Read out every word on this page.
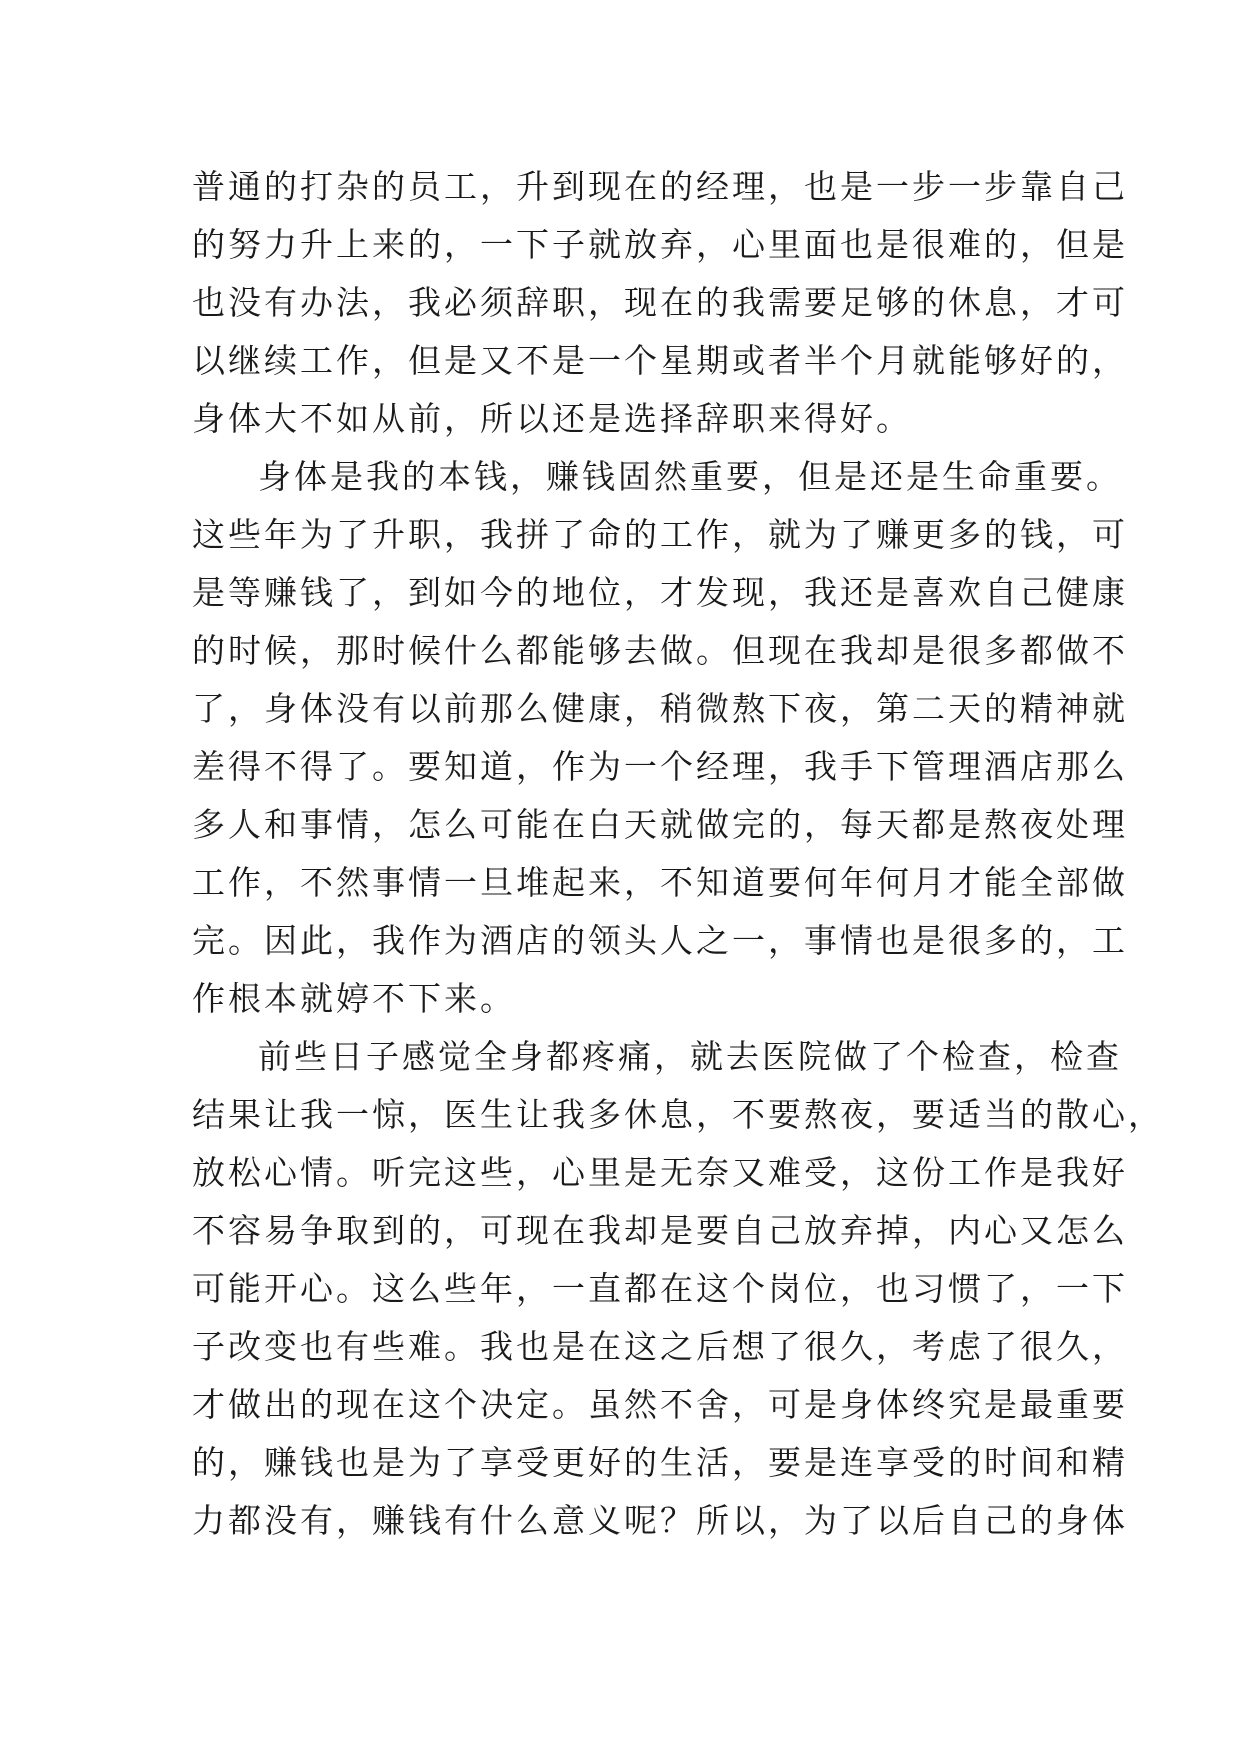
普通的打杂的员工，升到现在的经理，也是一步一步靠自己
的努力升上来的，一下子就放弃，心里面也是很难的，但是
也没有办法，我必须辞职，现在的我需要足够的休息，才可
以继续工作，但是又不是一个星期或者半个月就能够好的，
身体大不如从前，所以还是选择辞职来得好。
身体是我的本钱，赚钱固然重要，但是还是生命重要。
这些年为了升职，我拼了命的工作，就为了赚更多的钱，可
是等赚钱了，到如今的地位，才发现，我还是喜欢自己健康
的时候，那时候什么都能够去做。但现在我却是很多都做不
了，身体没有以前那么健康，稍微熬下夜，第二天的精神就
差得不得了。要知道，作为一个经理，我手下管理酒店那么
多人和事情，怎么可能在白天就做完的，每天都是熬夜处理
工作，不然事情一旦堆起来，不知道要何年何月才能全部做
完。因此，我作为酒店的领头人之一，事情也是很多的，工
作根本就婷不下来。
前些日子感觉全身都疼痛，就去医院做了个检查，检查
结果让我一惊，医生让我多休息，不要熬夜，要适当的散心，
放松心情。听完这些，心里是无奈又难受，这份工作是我好
不容易争取到的，可现在我却是要自己放弃掉，内心又怎么
可能开心。这么些年，一直都在这个岗位，也习惯了，一下
子改变也有些难。我也是在这之后想了很久，考虑了很久，
才做出的现在这个决定。虽然不舍，可是身体终究是最重要
的，赚钱也是为了享受更好的生活，要是连享受的时间和精
力都没有，赚钱有什么意义呢？所以，为了以后自己的身体
